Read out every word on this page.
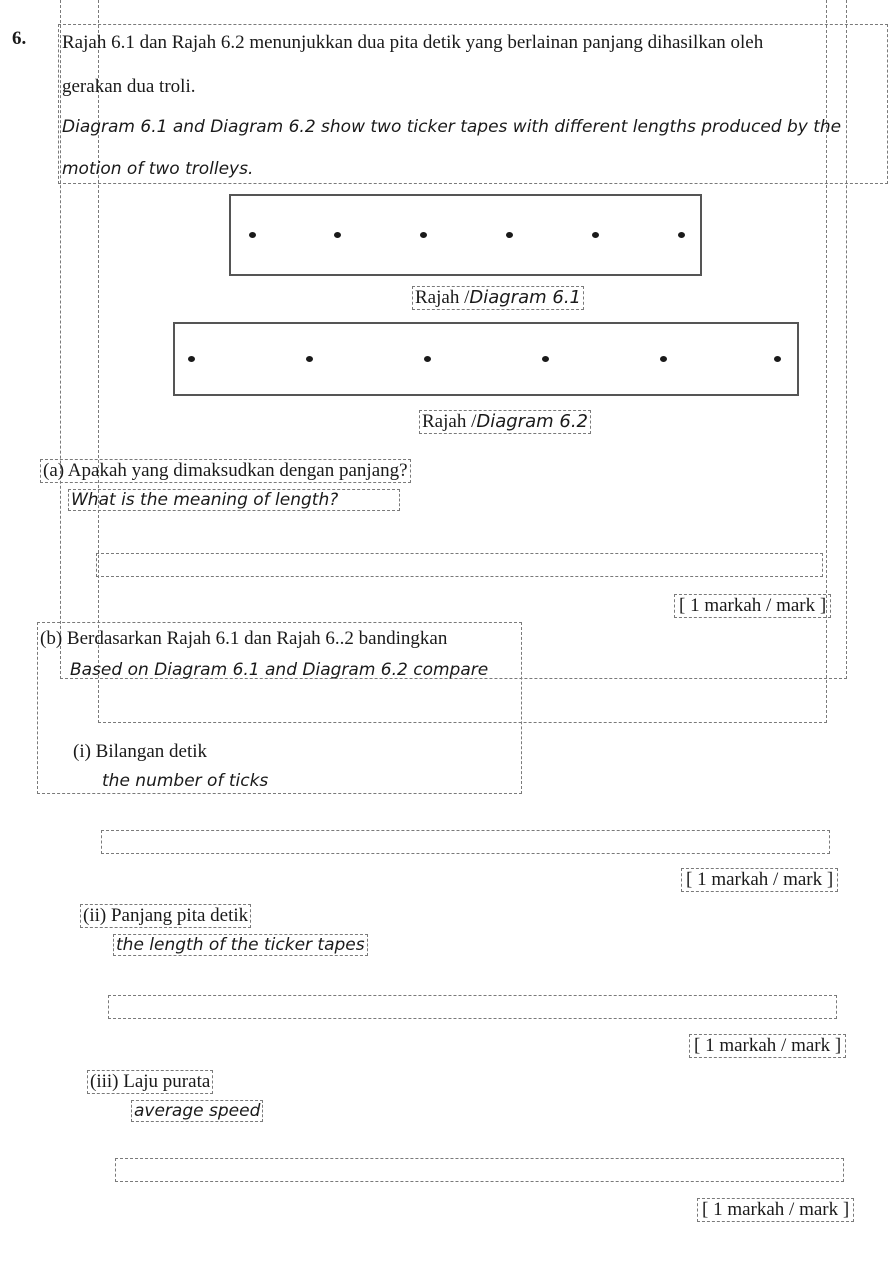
6. Rajah 6.1 dan Rajah 6.2 menunjukkan dua pita detik yang berlainan panjang dihasilkan oleh
gerakan dua troli.
Diagram 6.1 and Diagram 6.2 show two ticker tapes with different lengths produced by the
motion of two trolleys.
Rajah /Diagram 6.1
Rajah /Diagram 6.2
(a) Apakah yang dimaksudkan dengan panjang?
What is the meaning of length?
[ 1 markah / mark ]
(b) Berdasarkan Rajah 6.1 dan Rajah 6..2 bandingkan
Based on Diagram 6.1 and Diagram 6.2 compare
(i) Bilangan detik
the number of ticks
[ 1 markah / mark ]
(ii) Panjang pita detik
the length of the ticker tapes
[ 1 markah / mark ]
(iii) Laju purata
average speed
[ 1 markah / mark ]
